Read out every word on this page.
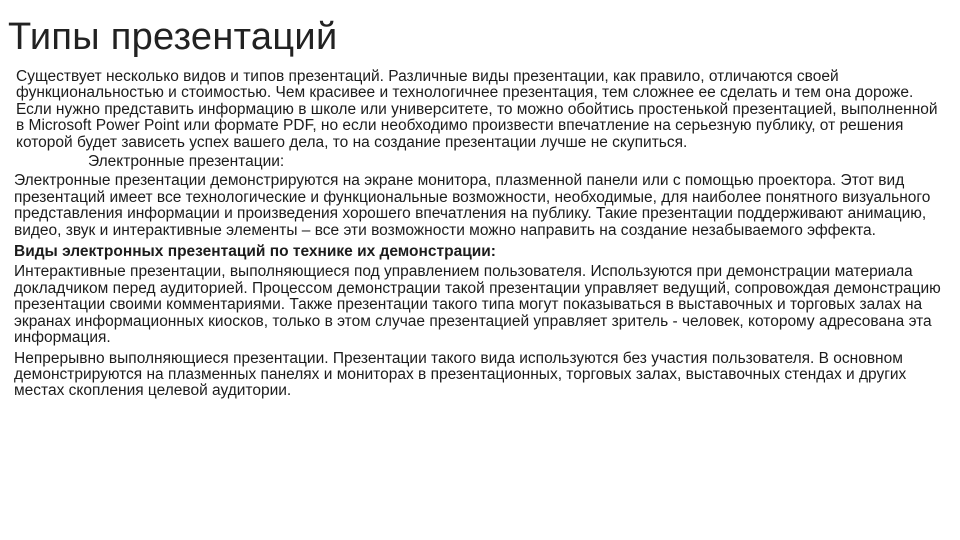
Типы презентаций

Существует несколько видов и типов презентаций. Различные виды презентации, как правило, отличаются своей функциональностью и стоимостью. Чем красивее и технологичнее презентация, тем сложнее ее сделать и тем она дороже. Если нужно представить информацию в школе или университете, то можно обойтись простенькой презентацией, выполненной в Microsoft Power Point или формате PDF, но если необходимо произвести впечатление на серьезную публику, от решения которой будет зависеть успех вашего дела, то на создание презентации лучше не скупиться.

Электронные презентации:

Электронные презентации демонстрируются на экране монитора, плазменной панели или с помощью проектора. Этот вид презентаций имеет все технологические и функциональные возможности, необходимые, для наиболее понятного визуального представления информации и произведения хорошего впечатления на публику. Такие презентации поддерживают анимацию, видео, звук и интерактивные элементы – все эти возможности можно направить на создание незабываемого эффекта.

Виды электронных презентаций по технике их демонстрации:

Интерактивные презентации, выполняющиеся под управлением пользователя. Используются при демонстрации материала докладчиком перед аудиторией. Процессом демонстрации такой презентации управляет ведущий, сопровождая демонстрацию презентации своими комментариями. Также презентации такого типа могут показываться в выставочных и торговых залах на экранах информационных киосков, только в этом случае презентацией управляет зритель - человек, которому адресована эта информация.

Непрерывно выполняющиеся презентации. Презентации такого вида используются без участия пользователя. В основном демонстрируются на плазменных панелях и мониторах в презентационных, торговых залах, выставочных стендах и других местах скопления целевой аудитории.
